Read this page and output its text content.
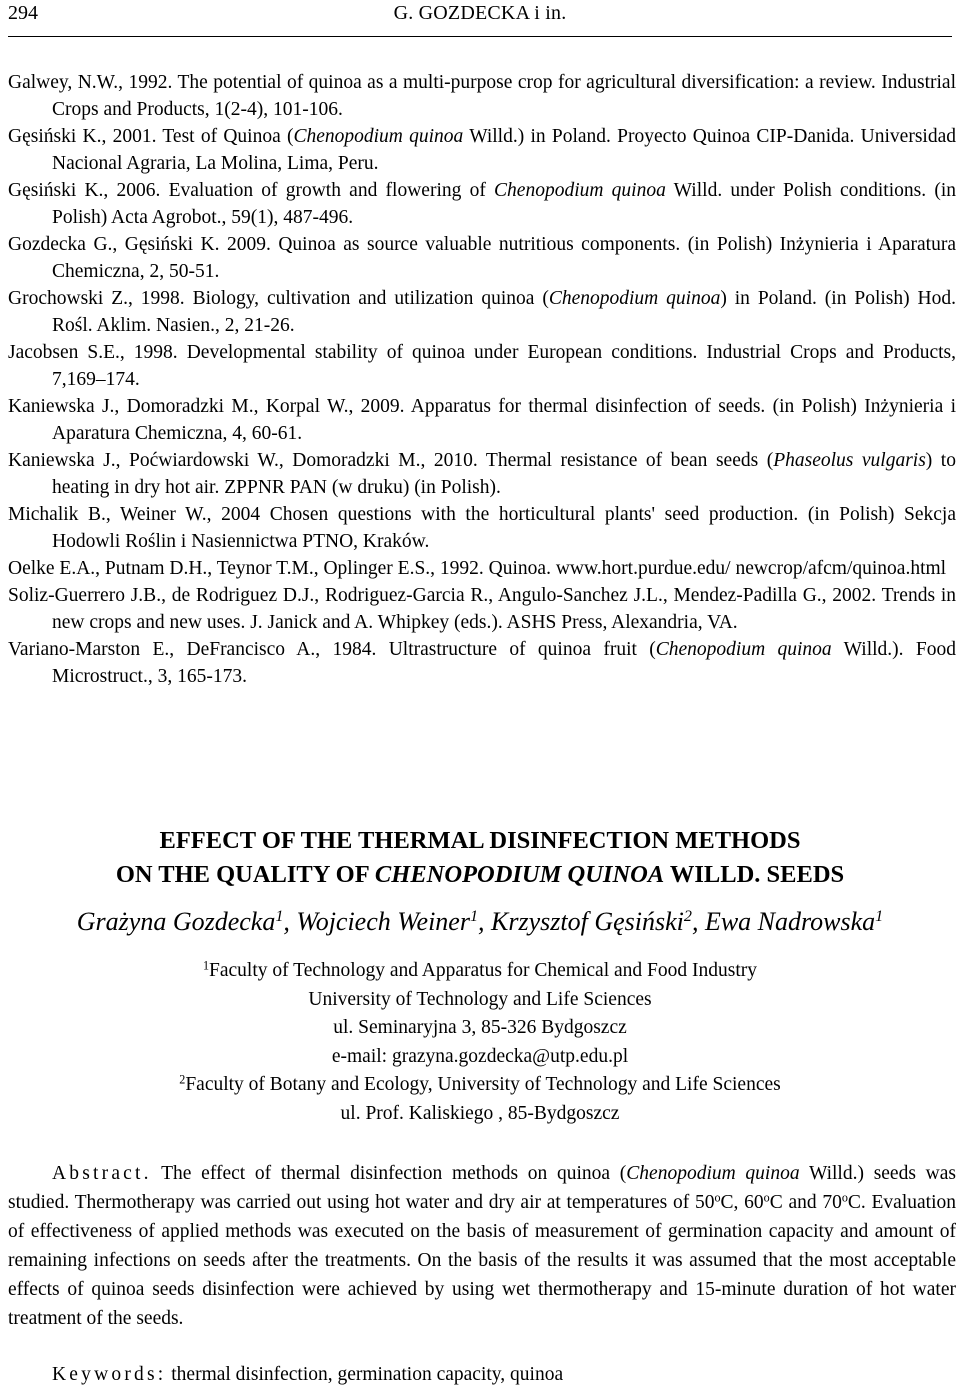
294	G. GOZDECKA i in.

Galwey, N.W., 1992. The potential of quinoa as a multi-purpose crop for agricultural diversification: a review. Industrial Crops and Products, 1(2-4), 101-106.

Gęsiński K., 2001. Test of Quinoa (Chenopodium quinoa Willd.) in Poland. Proyecto Quinoa CIP-Danida. Universidad Nacional Agraria, La Molina, Lima, Peru.

Gęsiński K., 2006. Evaluation of growth and flowering of Chenopodium quinoa Willd. under Polish conditions. (in Polish) Acta Agrobot., 59(1), 487-496.

Gozdecka G., Gęsiński K. 2009. Quinoa as source valuable nutritious components. (in Polish) Inżynieria i Aparatura Chemiczna, 2, 50-51.

Grochowski Z., 1998. Biology, cultivation and utilization quinoa (Chenopodium quinoa) in Poland. (in Polish) Hod. Rośl. Aklim. Nasien., 2, 21-26.

Jacobsen S.E., 1998. Developmental stability of quinoa under European conditions. Industrial Crops and Products, 7,169–174.

Kaniewska J., Domoradzki M., Korpal W., 2009. Apparatus for thermal disinfection of seeds. (in Polish) Inżynieria i Aparatura Chemiczna, 4, 60-61.

Kaniewska J., Poćwiardowski W., Domoradzki M., 2010. Thermal resistance of bean seeds (Phaseolus vulgaris) to heating in dry hot air. ZPPNR PAN (w druku) (in Polish).

Michalik B., Weiner W., 2004 Chosen questions with the horticultural plants' seed production. (in Polish) Sekcja Hodowli Roślin i Nasiennictwa PTNO, Kraków.

Oelke E.A., Putnam D.H., Teynor T.M., Oplinger E.S., 1992. Quinoa. www.hort.purdue.edu/ newcrop/afcm/quinoa.html

Soliz-Guerrero J.B., de Rodriguez D.J., Rodriguez-Garcia R., Angulo-Sanchez J.L., Mendez-Padilla G., 2002. Trends in new crops and new uses. J. Janick and A. Whipkey (eds.). ASHS Press, Alexandria, VA.

Variano-Marston E., DeFrancisco A., 1984. Ultrastructure of quinoa fruit (Chenopodium quinoa Willd.). Food Microstruct., 3, 165-173.

EFFECT OF THE THERMAL DISINFECTION METHODS
ON THE QUALITY OF CHENOPODIUM QUINOA WILLD. SEEDS
Grażyna Gozdecka$^1$, Wojciech Weiner$^1$, Krzysztof Gęsiński$^2$, Ewa Nadrowska$^1$
$^1$Faculty of Technology and Apparatus for Chemical and Food Industry
University of Technology and Life Sciences
ul. Seminaryjna 3, 85-326 Bydgoszcz
e-mail: grazyna.gozdecka@utp.edu.pl
$^2$Faculty of Botany and Ecology, University of Technology and Life Sciences
ul. Prof. Kaliskiego , 85-Bydgoszcz

Abstract. The effect of thermal disinfection methods on quinoa (Chenopodium quinoa Willd.) seeds was studied. Thermotherapy was carried out using hot water and dry air at temperatures of 50$^o$C, 60$^o$C and 70$^o$C. Evaluation of effectiveness of applied methods was executed on the basis of measurement of germination capacity and amount of remaining infections on seeds after the treatments. On the basis of the results it was assumed that the most acceptable effects of quinoa seeds disinfection were achieved by using wet thermotherapy and 15-minute duration of hot water treatment of the seeds.

Keywords: thermal disinfection, germination capacity, quinoa
